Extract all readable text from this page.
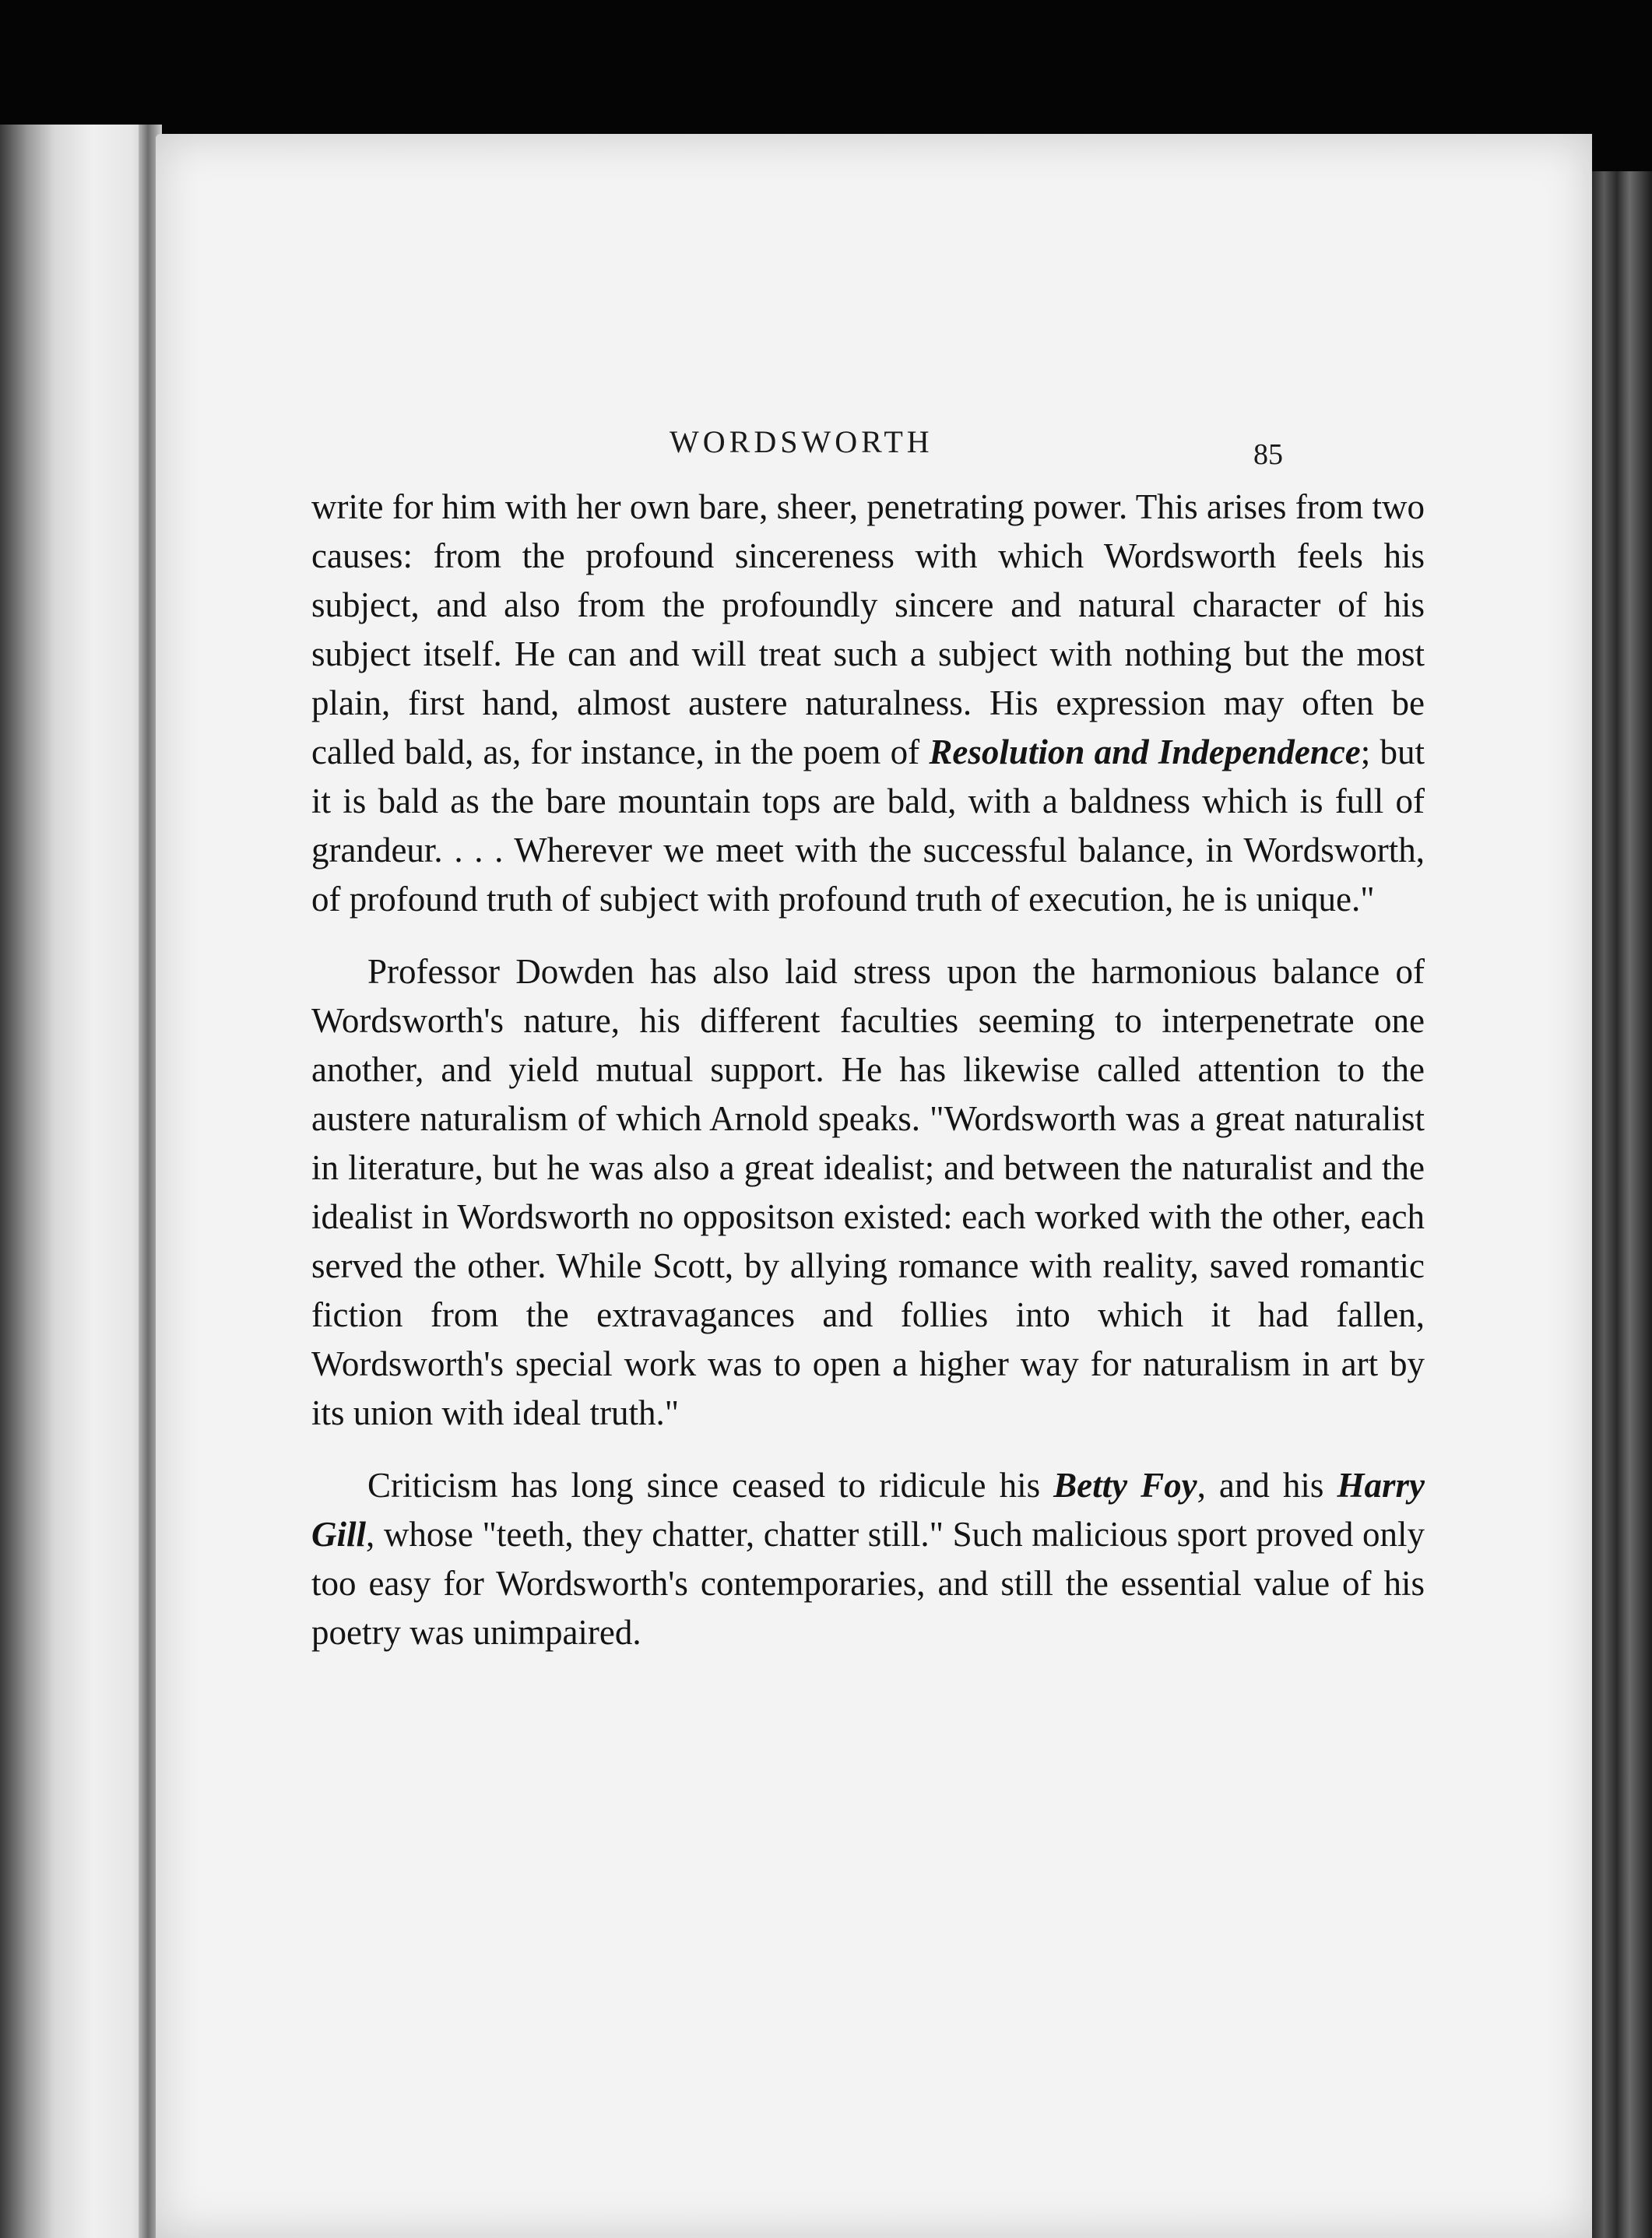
WORDSWORTH	85

write for him with her own bare, sheer, penetrating power. This arises from two causes: from the profound sincereness with which Wordsworth feels his subject, and also from the profoundly sincere and natural character of his subject itself. He can and will treat such a subject with nothing but the most plain, first hand, almost austere naturalness. His expression may often be called bald, as, for instance, in the poem of Resolution and Independence; but it is bald as the bare mountain tops are bald, with a baldness which is full of grandeur. . . . Wherever we meet with the successful balance, in Wordsworth, of profound truth of subject with profound truth of execution, he is unique."

Professor Dowden has also laid stress upon the harmonious balance of Wordsworth's nature, his different faculties seeming to interpenetrate one another, and yield mutual support. He has likewise called attention to the austere naturalism of which Arnold speaks. "Wordsworth was a great naturalist in literature, but he was also a great idealist; and between the naturalist and the idealist in Wordsworth no oppositson existed: each worked with the other, each served the other. While Scott, by allying romance with reality, saved romantic fiction from the extravagances and follies into which it had fallen, Wordsworth's special work was to open a higher way for naturalism in art by its union with ideal truth."

Criticism has long since ceased to ridicule his Betty Foy, and his Harry Gill, whose "teeth, they chatter, chatter still." Such malicious sport proved only too easy for Wordsworth's contemporaries, and still the essential value of his poetry was unimpaired.
